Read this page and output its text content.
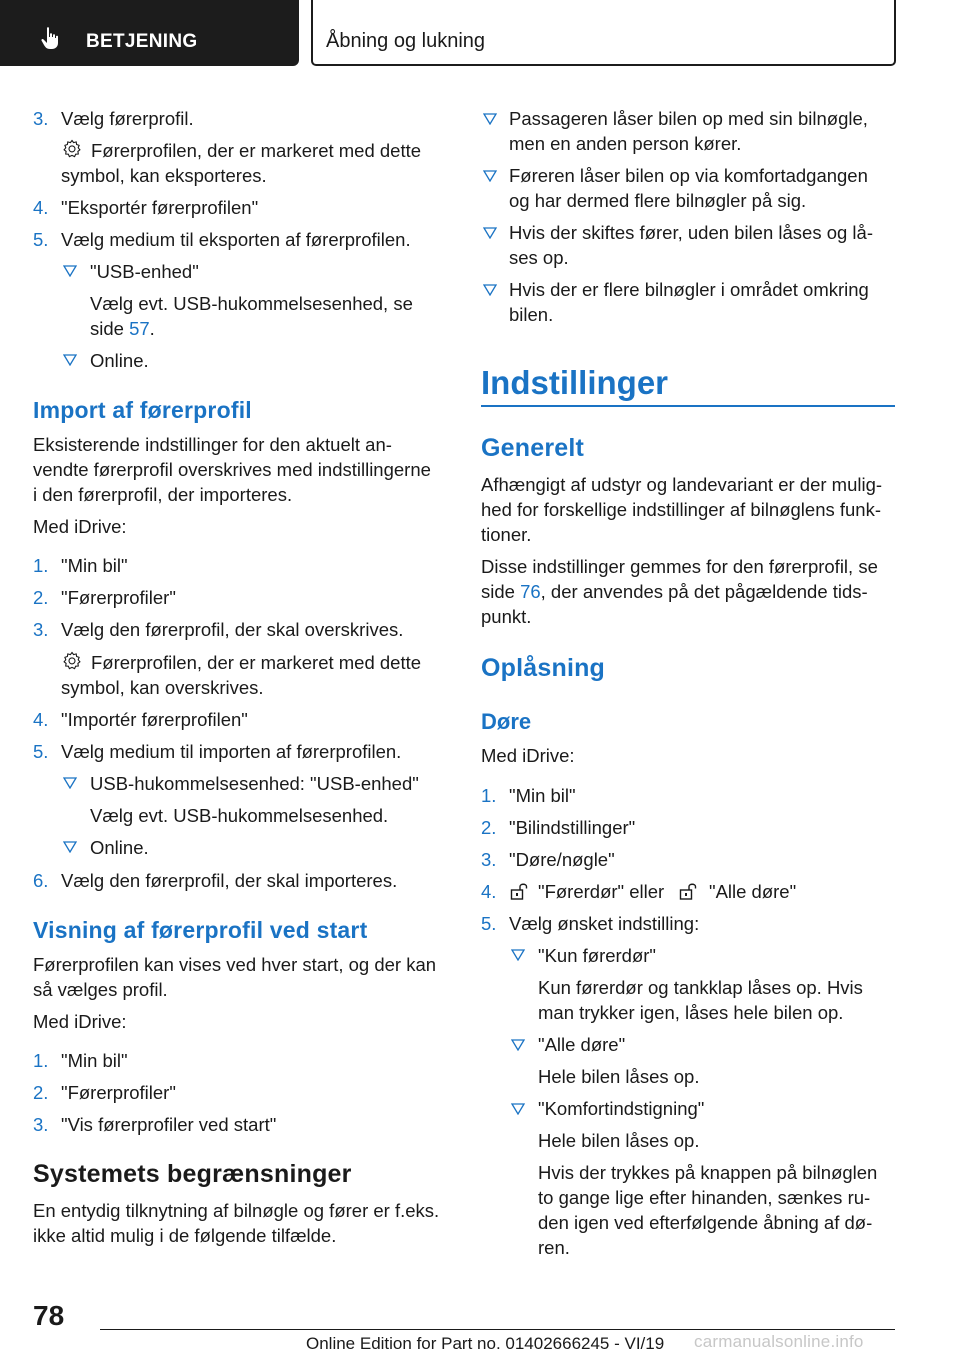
BETJENING	Åbning og lukning
3. Vælg førerprofil.
Førerprofilen, der er markeret med dette
symbol, kan eksporteres.
4. "Eksportér førerprofilen"
5. Vælg medium til eksporten af førerprofilen.
"USB-enhed"
Vælg evt. USB-hukommelsesenhed, se
side 57.
Online.
Import af førerprofil
Eksisterende indstillinger for den aktuelt an-
vendte førerprofil overskrives med indstillingerne
i den førerprofil, der importeres.
Med iDrive:
1. "Min bil"
2. "Førerprofiler"
3. Vælg den førerprofil, der skal overskrives.
Førerprofilen, der er markeret med dette
symbol, kan overskrives.
4. "Importér førerprofilen"
5. Vælg medium til importen af førerprofilen.
USB-hukommelsesenhed: "USB-enhed"
Vælg evt. USB-hukommelsesenhed.
Online.
6. Vælg den førerprofil, der skal importeres.
Visning af førerprofil ved start
Førerprofilen kan vises ved hver start, og der kan
så vælges profil.
Med iDrive:
1. "Min bil"
2. "Førerprofiler"
3. "Vis førerprofiler ved start"
Systemets begrænsninger
En entydig tilknytning af bilnøgle og fører er f.eks.
ikke altid mulig i de følgende tilfælde.
Passageren låser bilen op med sin bilnøgle,
men en anden person kører.
Føreren låser bilen op via komfortadgangen
og har dermed flere bilnøgler på sig.
Hvis der skiftes fører, uden bilen låses og lå-
ses op.
Hvis der er flere bilnøgler i området omkring
bilen.
Indstillinger
Generelt
Afhængigt af udstyr og landevariant er der mulig-
hed for forskellige indstillinger af bilnøglens funk-
tioner.
Disse indstillinger gemmes for den førerprofil, se
side 76, der anvendes på det pågældende tids-
punkt.
Oplåsning
Døre
Med iDrive:
1. "Min bil"
2. "Bilindstillinger"
3. "Døre/nøgle"
4. "Førerdør" eller "Alle døre"
5. Vælg ønsket indstilling:
"Kun førerdør"
Kun førerdør og tankklap låses op. Hvis
man trykker igen, låses hele bilen op.
"Alle døre"
Hele bilen låses op.
"Komfortindstigning"
Hele bilen låses op.
Hvis der trykkes på knappen på bilnøglen
to gange lige efter hinanden, sænkes ru-
den igen ved efterfølgende åbning af dø-
ren.
78
Online Edition for Part no. 01402666245 - VI/19 carmanualsonline.info
